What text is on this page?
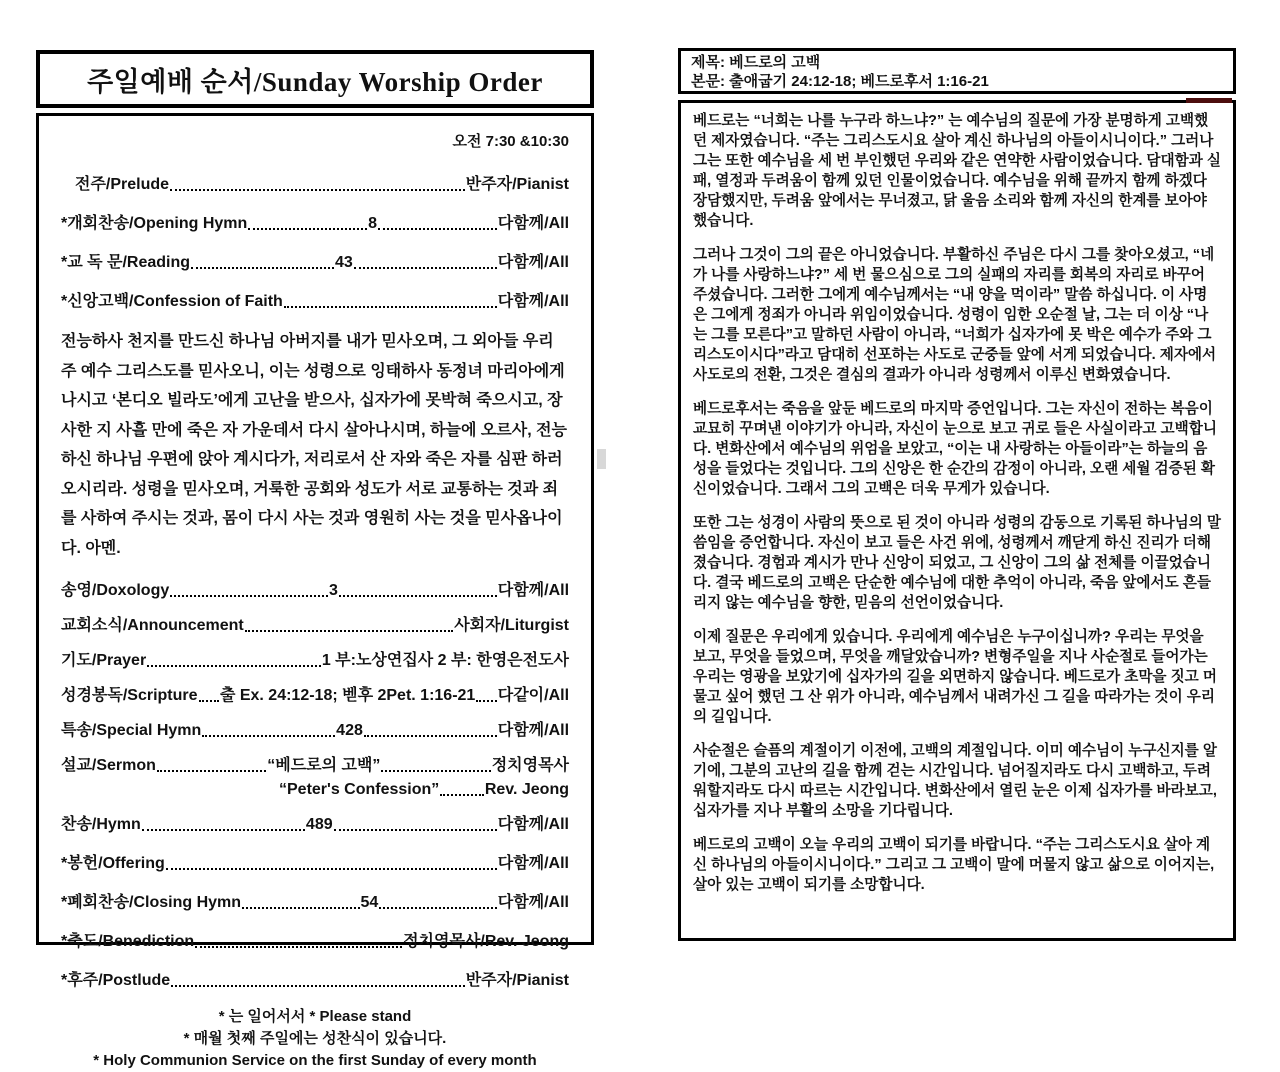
주일예배 순서/Sunday Worship Order
오전 7:30 &10:30
전주/Prelude	반주자/Pianist
*개회찬송/Opening Hymn	8	다함께/All
*교 독 문/Reading	43	다함께/All
*신앙고백/Confession of Faith	다함께/All
전능하사 천지를 만드신 하나님 아버지를 내가 믿사오며, 그 외아들 우리 주 예수 그리스도를 믿사오니, 이는 성령으로 잉태하사 동정녀 마리아에게 나시고 ‘본디오 빌라도’에게 고난을 받으사, 십자가에 못박혀 죽으시고, 장사한 지 사흘 만에 죽은 자 가운데서 다시 살아나시며, 하늘에 오르사, 전능하신 하나님 우편에 앉아 계시다가, 저리로서 산 자와 죽은 자를 심판 하러 오시리라. 성령을 믿사오며, 거룩한 공회와 성도가 서로 교통하는 것과 죄를 사하여 주시는 것과, 몸이 다시 사는 것과 영원히 사는 것을 믿사옵나이다. 아멘.
송영/Doxology	3	다함께/All
교회소식/Announcement	사회자/Liturgist
기도/Prayer	1 부:노상연집사 2 부: 한영은전도사
성경봉독/Scripture 출 Ex. 24:12-18; 벧후 2Pet. 1:16-21 다같이/All
특송/Special Hymn	428	다함께/All
설교/Sermon	“베드로의 고백”	정치영목사
“Peter's Confession”	Rev. Jeong
찬송/Hymn	489	다함께/All
*봉헌/Offering	다함께/All
*폐회찬송/Closing Hymn	54	다함께/All
*축도/Benediction	정치영목사/Rev. Jeong
*후주/Postlude	반주자/Pianist
* 는 일어서서 * Please stand
* 매월 첫째 주일에는 성찬식이 있습니다.
* Holy Communion Service on the first Sunday of every month
제목: 베드로의 고백
본문: 출애굽기 24:12-18; 베드로후서 1:16-21

베드로는 “너희는 나를 누구라 하느냐?” 는 예수님의 질문에 가장 분명하게 고백했던 제자였습니다. “주는 그리스도시요 살아 계신 하나님의 아들이시니이다.” 그러나 그는 또한 예수님을 세 번 부인했던 우리와 같은 연약한 사람이었습니다. 담대함과 실패, 열정과 두려움이 함께 있던 인물이었습니다. 예수님을 위해 끝까지 함께 하겠다 장담했지만, 두려움 앞에서는 무너졌고, 닭 울음 소리와 함께 자신의 한계를 보아야 했습니다.

그러나 그것이 그의 끝은 아니었습니다. 부활하신 주님은 다시 그를 찾아오셨고, “네가 나를 사랑하느냐?” 세 번 물으심으로 그의 실패의 자리를 회복의 자리로 바꾸어 주셨습니다. 그러한 그에게 예수님께서는 “내 양을 먹이라” 말씀 하십니다. 이 사명은 그에게 정죄가 아니라 위임이었습니다. 성령이 임한 오순절 날, 그는 더 이상 “나는 그를 모른다”고 말하던 사람이 아니라, “너희가 십자가에 못 박은 예수가 주와 그리스도이시다”라고 담대히 선포하는 사도로 군중들 앞에 서게 되었습니다. 제자에서 사도로의 전환, 그것은 결심의 결과가 아니라 성령께서 이루신 변화였습니다.

베드로후서는 죽음을 앞둔 베드로의 마지막 증언입니다. 그는 자신이 전하는 복음이 교묘히 꾸며낸 이야기가 아니라, 자신이 눈으로 보고 귀로 들은 사실이라고 고백합니다. 변화산에서 예수님의 위엄을 보았고, “이는 내 사랑하는 아들이라”는 하늘의 음성을 들었다는 것입니다. 그의 신앙은 한 순간의 감정이 아니라, 오랜 세월 검증된 확신이었습니다. 그래서 그의 고백은 더욱 무게가 있습니다.

또한 그는 성경이 사람의 뜻으로 된 것이 아니라 성령의 감동으로 기록된 하나님의 말씀임을 증언합니다. 자신이 보고 들은 사건 위에, 성령께서 깨닫게 하신 진리가 더해졌습니다. 경험과 계시가 만나 신앙이 되었고, 그 신앙이 그의 삶 전체를 이끌었습니다. 결국 베드로의 고백은 단순한 예수님에 대한 추억이 아니라, 죽음 앞에서도 흔들리지 않는 예수님을 향한, 믿음의 선언이었습니다.

이제 질문은 우리에게 있습니다. 우리에게 예수님은 누구이십니까? 우리는 무엇을 보고, 무엇을 들었으며, 무엇을 깨달았습니까? 변형주일을 지나 사순절로 들어가는 우리는 영광을 보았기에 십자가의 길을 외면하지 않습니다. 베드로가 초막을 짓고 머물고 싶어 했던 그 산 위가 아니라, 예수님께서 내려가신 그 길을 따라가는 것이 우리의 길입니다.

사순절은 슬픔의 계절이기 이전에, 고백의 계절입니다. 이미 예수님이 누구신지를 알기에, 그분의 고난의 길을 함께 걷는 시간입니다. 넘어질지라도 다시 고백하고, 두려워할지라도 다시 따르는 시간입니다. 변화산에서 열린 눈은 이제 십자가를 바라보고, 십자가를 지나 부활의 소망을 기다립니다.

베드로의 고백이 오늘 우리의 고백이 되기를 바랍니다. “주는 그리스도시요 살아 계신 하나님의 아들이시니이다.” 그리고 그 고백이 말에 머물지 않고 삶으로 이어지는, 살아 있는 고백이 되기를 소망합니다.
